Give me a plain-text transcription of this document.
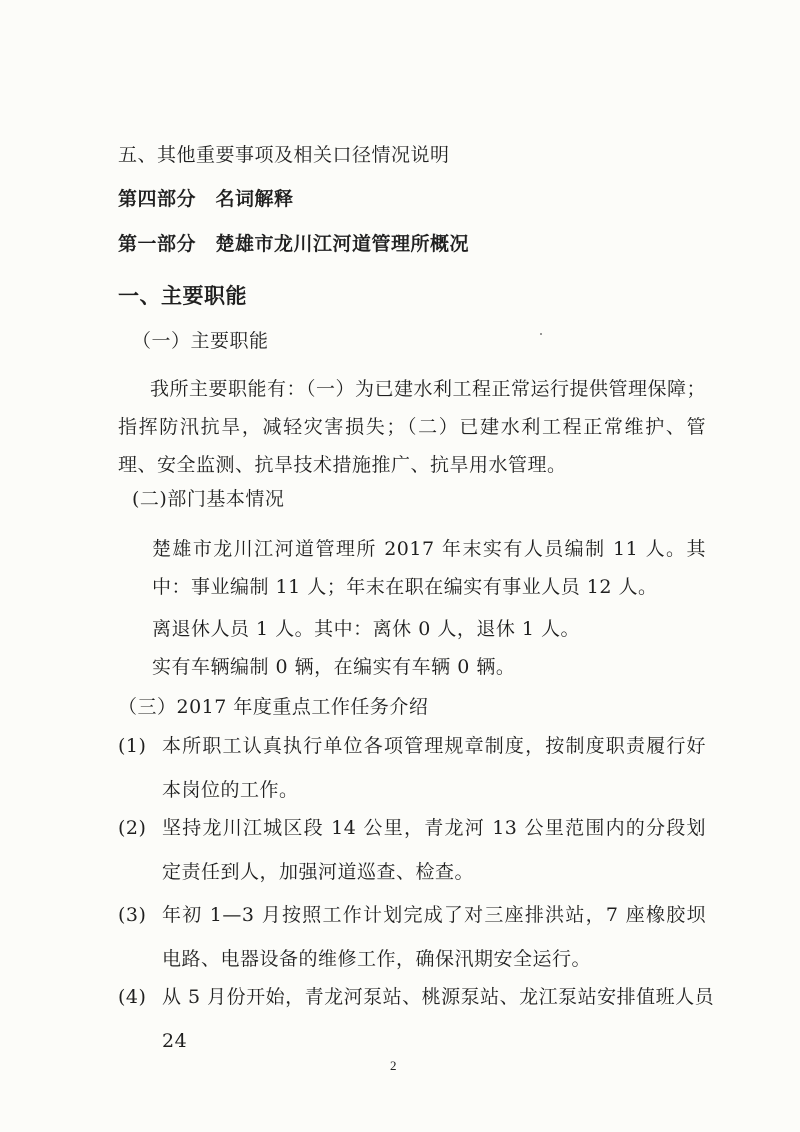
五、其他重要事项及相关口径情况说明
第四部分　名词解释
第一部分　楚雄市龙川江河道管理所概况
一、主要职能
（一）主要职能
我所主要职能有：（一）为已建水利工程正常运行提供管理保障；指挥防汛抗旱，减轻灾害损失；（二）已建水利工程正常维护、管理、安全监测、抗旱技术措施推广、抗旱用水管理。
(二)部门基本情况
楚雄市龙川江河道管理所 2017 年末实有人员编制 11 人。其中：事业编制 11 人；年末在职在编实有事业人员 12 人。
离退休人员 1 人。其中：离休 0 人，退休 1 人。
实有车辆编制 0 辆，在编实有车辆 0 辆。
（三）2017 年度重点工作任务介绍
(1) 本所职工认真执行单位各项管理规章制度，按制度职责履行好本岗位的工作。
(2) 坚持龙川江城区段 14 公里，青龙河 13 公里范围内的分段划定责任到人，加强河道巡查、检查。
(3) 年初 1—3 月按照工作计划完成了对三座排洪站，7 座橡胶坝电路、电器设备的维修工作，确保汛期安全运行。
(4) 从 5 月份开始，青龙河泵站、桃源泵站、龙江泵站安排值班人员 24
2
